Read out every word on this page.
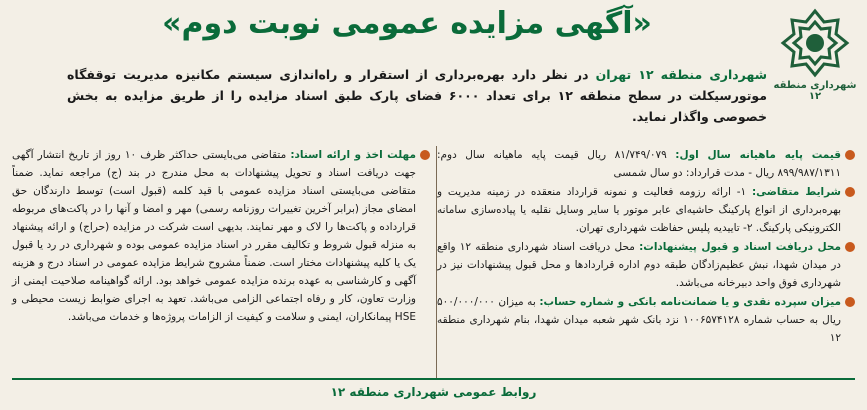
شهرداری منطقه ۱۲
«آگهی مزایده عمومی نوبت دوم»
شهرداری منطقه ۱۲ تهران در نظر دارد بهره‌برداری از استقرار و راه‌اندازی سیستم مکانیزه مدیریت توقفگاه موتورسیکلت در سطح منطقه ۱۲ برای تعداد ۶۰۰۰ فضای پارک طبق اسناد مزایده را از طریق مزایده به بخش خصوصی واگذار نماید.
قیمت پایه ماهیانه سال اول: ۸۱/۷۴۹/۰۷۹ ریال قیمت پایه ماهیانه سال دوم: ۸۹۹/۹۸۷/۱۳۱۱ ریال - مدت قرارداد: دو سال شمسی
شرایط متقاضی: ۱- ارائه رزومه فعالیت و نمونه قرارداد منعقده در زمینه مدیریت و بهره‌برداری از انواع پارکینگ حاشیه‌ای عابر موتور یا سایر وسایل نقلیه یا پیاده‌سازی سامانه الکترونیکی پارکینگ. ۲- تاییدیه پلیس حفاظت شهرداری تهران.
محل دریافت اسناد و قبول پیشنهادات: محل دریافت اسناد شهرداری منطقه ۱۲ واقع در میدان شهدا، نبش عظیم‌زادگان طبقه دوم اداره قراردادها و محل قبول پیشنهادات نیز در شهرداری فوق واحد دبیرخانه می‌باشد.
میزان سپرده نقدی و یا ضمانت‌نامه بانکی و شماره حساب: به میزان ۵۰۰/۰۰۰/۰۰۰ ریال به حساب شماره ۱۰۰۶۵۷۴۱۲۸ نزد بانک شهر شعبه میدان شهدا، بنام شهرداری منطقه ۱۲
مهلت اخذ و ارائه اسناد: متقاضی می‌بایستی حداکثر ظرف ۱۰ روز از تاریخ انتشار آگهی جهت دریافت اسناد و تحویل پیشنهادات به محل مندرج در بند (ج) مراجعه نماید. ضمناً متقاضی می‌بایستی اسناد مزایده عمومی با قید کلمه (قبول است) توسط دارندگان حق امضای مجاز (برابر آخرین تغییرات روزنامه رسمی) مهر و امضا و آنها را در پاکت‌های مربوطه قرارداده و پاکت‌ها را لاک و مهر نمایند. بدیهی است شرکت در مزایده (حراج) و ارائه پیشنهاد به منزله قبول شروط و تکالیف مقرر در اسناد مزایده عمومی بوده و شهرداری در رد یا قبول یک یا کلیه پیشنهادات مختار است. ضمناً مشروح شرایط مزایده عمومی در اسناد درج و هزینه آگهی و کارشناسی به عهده برنده مزایده عمومی خواهد بود. ارائه گواهینامه صلاحیت ایمنی از وزارت تعاون، کار و رفاه اجتماعی الزامی می‌باشد. تعهد به اجرای ضوابط زیست محیطی و HSE پیمانکاران، ایمنی و سلامت و کیفیت از الزامات پروژه‌ها و خدمات می‌باشد.
روابط عمومی شهرداری منطقه ۱۲
